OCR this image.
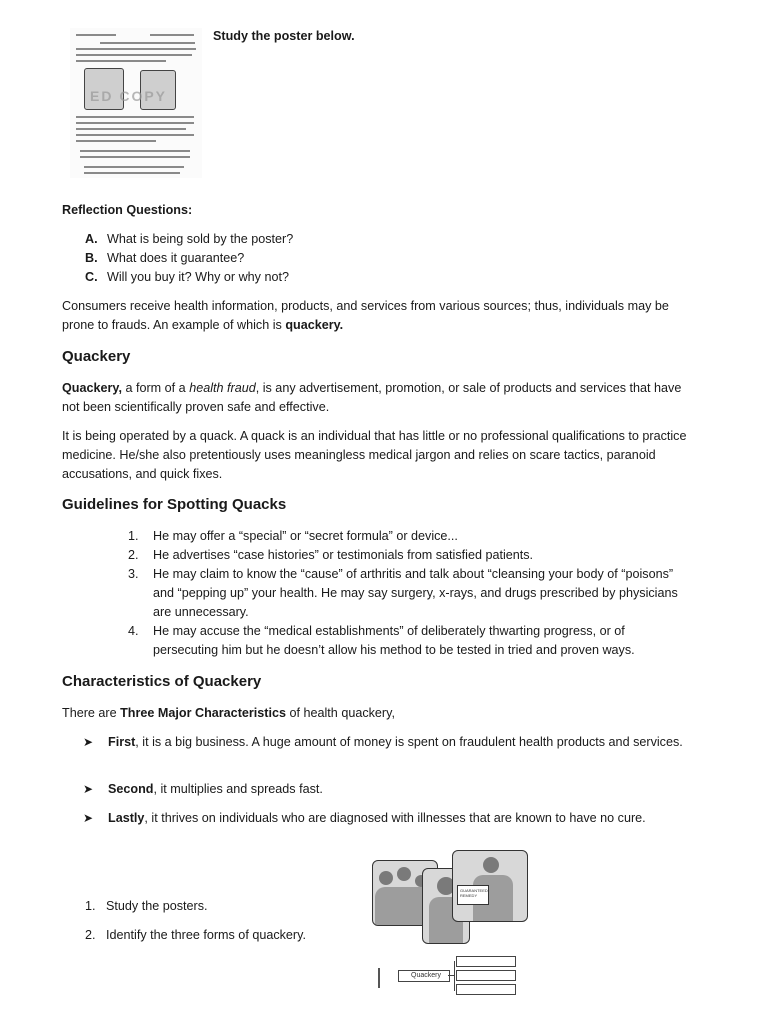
ED COPY

Study the poster below.

Reflection Questions:

A. What is being sold by the poster?
B. What does it guarantee?
C. Will you buy it? Why or why not?

Consumers receive health information, products, and services from various sources; thus, individuals may be prone to frauds. An example of which is quackery.

Quackery

Quackery, a form of a health fraud, is any advertisement, promotion, or sale of products and services that have not been scientifically proven safe and effective.

It is being operated by a quack. A quack is an individual that has little or no professional qualifications to practice medicine. He/she also pretentiously uses meaningless medical jargon and relies on scare tactics, paranoid accusations, and quick fixes.

Guidelines for Spotting Quacks

1. He may offer a “special” or “secret formula” or device...
2. He advertises “case histories” or testimonials from satisfied patients.
3. He may claim to know the “cause” of arthritis and talk about “cleansing your body of “poisons” and “pepping up” your health. He may say surgery, x-rays, and drugs prescribed by physicians are unnecessary.
4. He may accuse the “medical establishments” of deliberately thwarting progress, or of persecuting him but he doesn’t allow his method to be tested in tried and proven ways.

Characteristics of Quackery

There are Three Major Characteristics of health quackery,

➤	First, it is a big business. A huge amount of money is spent on fraudulent health products and services.
➤	Second, it multiplies and spreads fast.
➤	Lastly, it thrives on individuals who are diagnosed with illnesses that are known to have no cure.
1. Study the posters.
2. Identify the three forms of quackery.
GUARANTEED REMEDY
Quackery
